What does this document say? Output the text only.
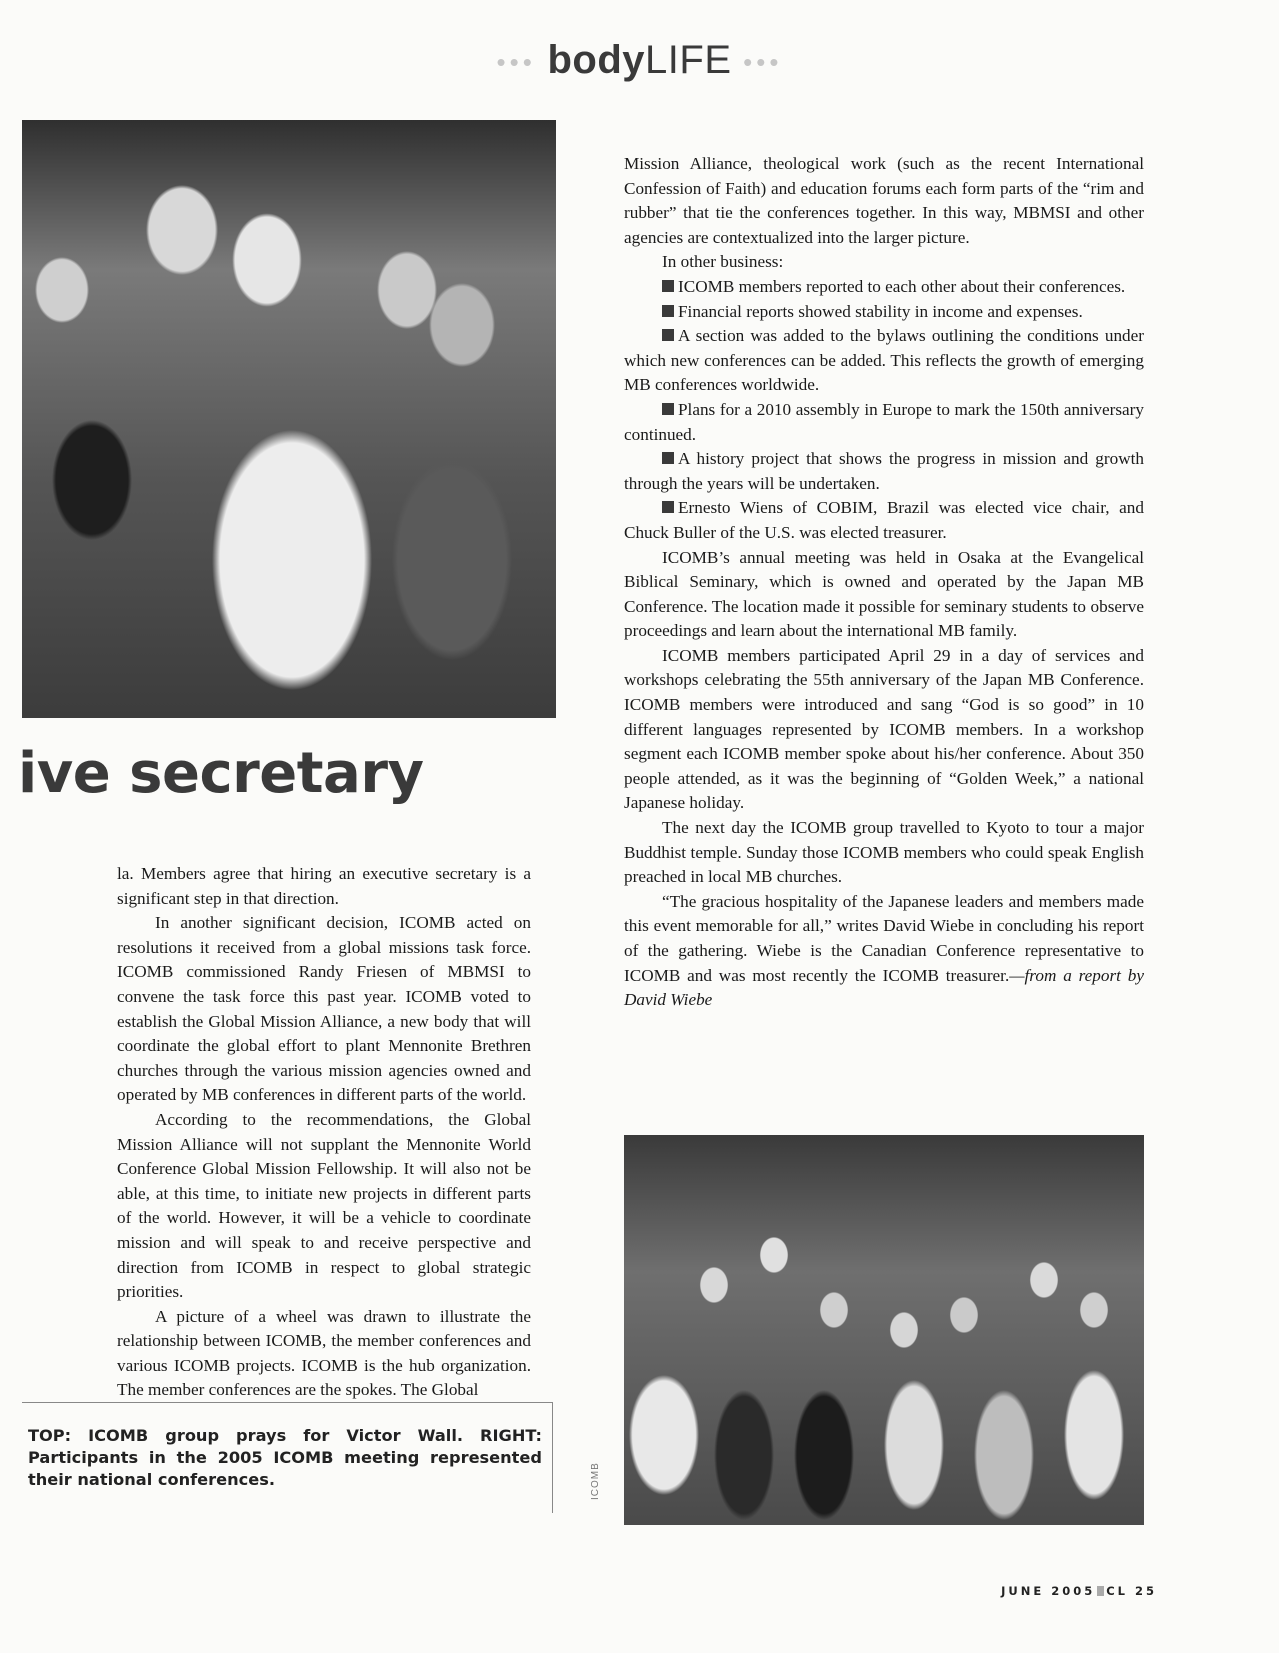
••• bodyLIFE •••
ive secretary

la. Members agree that hiring an executive secretary is a significant step in that direction.

In another significant decision, ICOMB acted on resolutions it received from a global missions task force. ICOMB commissioned Randy Friesen of MBMSI to convene the task force this past year. ICOMB voted to establish the Global Mission Alliance, a new body that will coordinate the global effort to plant Mennonite Brethren churches through the various mission agencies owned and operated by MB conferences in different parts of the world.

According to the recommendations, the Global Mission Alliance will not supplant the Mennonite World Conference Global Mission Fellowship. It will also not be able, at this time, to initiate new projects in different parts of the world. However, it will be a vehicle to coordinate mission and will speak to and receive perspective and direction from ICOMB in respect to global strategic priorities.

A picture of a wheel was drawn to illustrate the relationship between ICOMB, the member conferences and various ICOMB projects. ICOMB is the hub organization. The member conferences are the spokes. The Global

Mission Alliance, theological work (such as the recent International Confession of Faith) and education forums each form parts of the “rim and rubber” that tie the conferences together. In this way, MBMSI and other agencies are contextualized into the larger picture.

In other business:

ICOMB members reported to each other about their conferences.

Financial reports showed stability in income and expenses.

A section was added to the bylaws outlining the conditions under which new conferences can be added. This reflects the growth of emerging MB conferences worldwide.

Plans for a 2010 assembly in Europe to mark the 150th anniversary continued.

A history project that shows the progress in mission and growth through the years will be undertaken.

Ernesto Wiens of COBIM, Brazil was elected vice chair, and Chuck Buller of the U.S. was elected treasurer.

ICOMB’s annual meeting was held in Osaka at the Evangelical Biblical Seminary, which is owned and operated by the Japan MB Conference. The location made it possible for seminary students to observe proceedings and learn about the international MB family.

ICOMB members participated April 29 in a day of services and workshops celebrating the 55th anniversary of the Japan MB Conference. ICOMB members were introduced and sang “God is so good” in 10 different languages represented by ICOMB members. In a workshop segment each ICOMB member spoke about his/her conference. About 350 people attended, as it was the beginning of “Golden Week,” a national Japanese holiday.

The next day the ICOMB group travelled to Kyoto to tour a major Buddhist temple. Sunday those ICOMB members who could speak English preached in local MB churches.

“The gracious hospitality of the Japanese leaders and members made this event memorable for all,” writes David Wiebe in concluding his report of the gathering. Wiebe is the Canadian Conference representative to ICOMB and was most recently the ICOMB treasurer.—from a report by David Wiebe

ICOMB
TOP: ICOMB group prays for Victor Wall. RIGHT: Participants in the 2005 ICOMB meeting represented their national conferences.
JUNE 2005 CL 25
